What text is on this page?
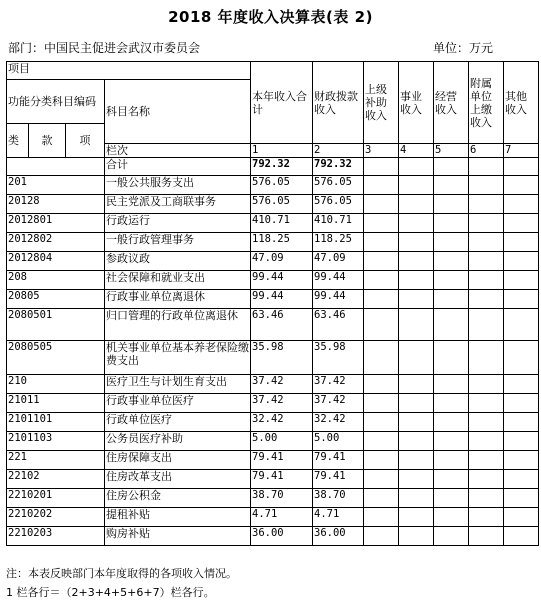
2018 年度收入决算表(表 2)
部门：中国民主促进会武汉市委员会	单位：万元
项目				本年收入合计	财政拨款收入	上级补助收入	事业收入	经营收入	附属单位上缴收入	其他收入
功能分类科目编码			科目名称							
类	款	项								
			栏次	1	2	3	4	5	6	7
			合计	792.32	792.32					
201			一般公共服务支出	576.05	576.05					
20128			民主党派及工商联事务	576.05	576.05					
2012801			行政运行	410.71	410.71					
2012802			一般行政管理事务	118.25	118.25					
2012804			参政议政	47.09	47.09					
208			社会保障和就业支出	99.44	99.44					
20805			行政事业单位离退休	99.44	99.44					
2080501			归口管理的行政单位离退休	63.46	63.46					
2080505			机关事业单位基本养老保险缴费支出	35.98	35.98					
210			医疗卫生与计划生育支出	37.42	37.42					
21011			行政事业单位医疗	37.42	37.42					
2101101			行政单位医疗	32.42	32.42					
2101103			公务员医疗补助	5.00	5.00					
221			住房保障支出	79.41	79.41					
22102			住房改革支出	79.41	79.41					
2210201			住房公积金	38.70	38.70					
2210202			提租补贴	4.71	4.71					
2210203			购房补贴	36.00	36.00					
注：本表反映部门本年度取得的各项收入情况。
1 栏各行＝（2+3+4+5+6+7）栏各行。
